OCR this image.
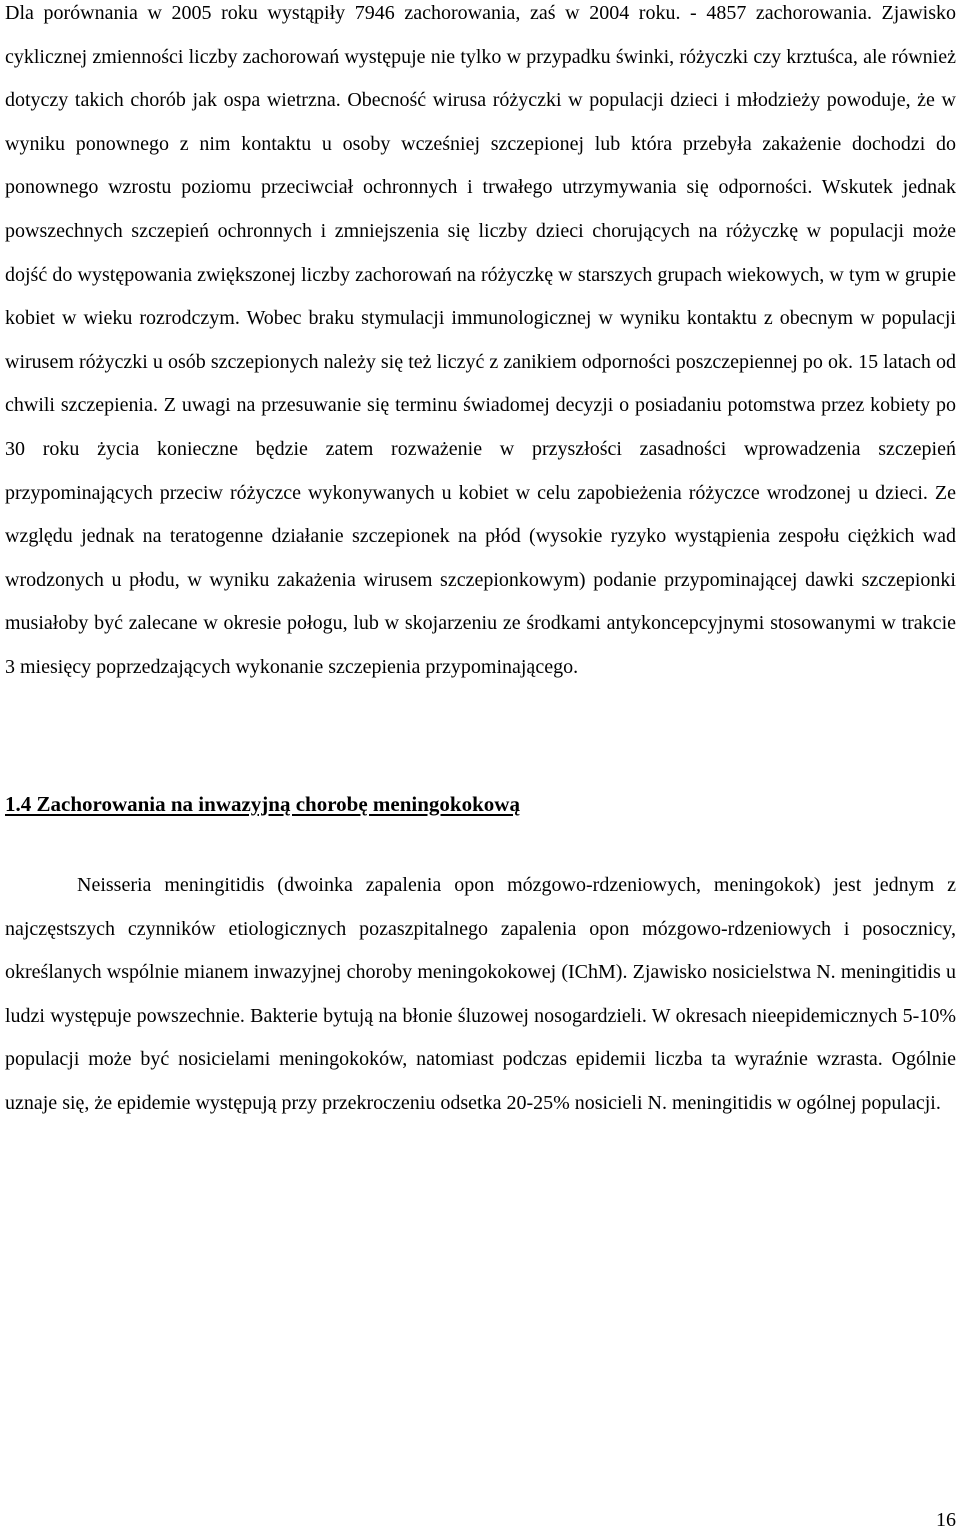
Dla porównania w 2005 roku wystąpiły 7946 zachorowania, zaś w 2004 roku. - 4857 zachorowania. Zjawisko cyklicznej zmienności liczby zachorowań występuje nie tylko w przypadku świnki, różyczki czy krztuśca, ale również dotyczy takich chorób jak ospa wietrzna. Obecność wirusa różyczki w populacji dzieci i młodzieży powoduje, że w wyniku ponownego z nim kontaktu u osoby wcześniej szczepionej lub która przebyła zakażenie dochodzi do ponownego wzrostu poziomu przeciwciał ochronnych i trwałego utrzymywania się odporności. Wskutek jednak powszechnych szczepień ochronnych i zmniejszenia się liczby dzieci chorujących na różyczkę w populacji może dojść do występowania zwiększonej liczby zachorowań na różyczkę w starszych grupach wiekowych, w tym w grupie kobiet w wieku rozrodczym. Wobec braku stymulacji immunologicznej w wyniku kontaktu z obecnym w populacji wirusem różyczki u osób szczepionych należy się też liczyć z zanikiem odporności poszczepiennej po ok. 15 latach od chwili szczepienia. Z uwagi na przesuwanie się terminu świadomej decyzji o posiadaniu potomstwa przez kobiety po 30 roku życia konieczne będzie zatem rozważenie w przyszłości zasadności wprowadzenia szczepień przypominających przeciw różyczce wykonywanych u kobiet w celu zapobieżenia różyczce wrodzonej u dzieci. Ze względu jednak na teratogenne działanie szczepionek na płód (wysokie ryzyko wystąpienia zespołu ciężkich wad wrodzonych u płodu, w wyniku zakażenia wirusem szczepionkowym) podanie przypominającej dawki szczepionki musiałoby być zalecane w okresie połogu, lub w skojarzeniu ze środkami antykoncepcyjnymi stosowanymi w trakcie 3 miesięcy poprzedzających wykonanie szczepienia przypominającego.

1.4 Zachorowania na inwazyjną chorobę meningokokową

Neisseria meningitidis (dwoinka zapalenia opon mózgowo-rdzeniowych, meningokok) jest jednym z najczęstszych czynników etiologicznych pozaszpitalnego zapalenia opon mózgowo-rdzeniowych i posocznicy, określanych wspólnie mianem inwazyjnej choroby meningokokowej (IChM). Zjawisko nosicielstwa N. meningitidis u ludzi występuje powszechnie. Bakterie bytują na błonie śluzowej nosogardzieli. W okresach nieepidemicznych 5-10% populacji może być nosicielami meningokoków, natomiast podczas epidemii liczba ta wyraźnie wzrasta. Ogólnie uznaje się, że epidemie występują przy przekroczeniu odsetka 20-25% nosicieli N. meningitidis w ogólnej populacji.

16
